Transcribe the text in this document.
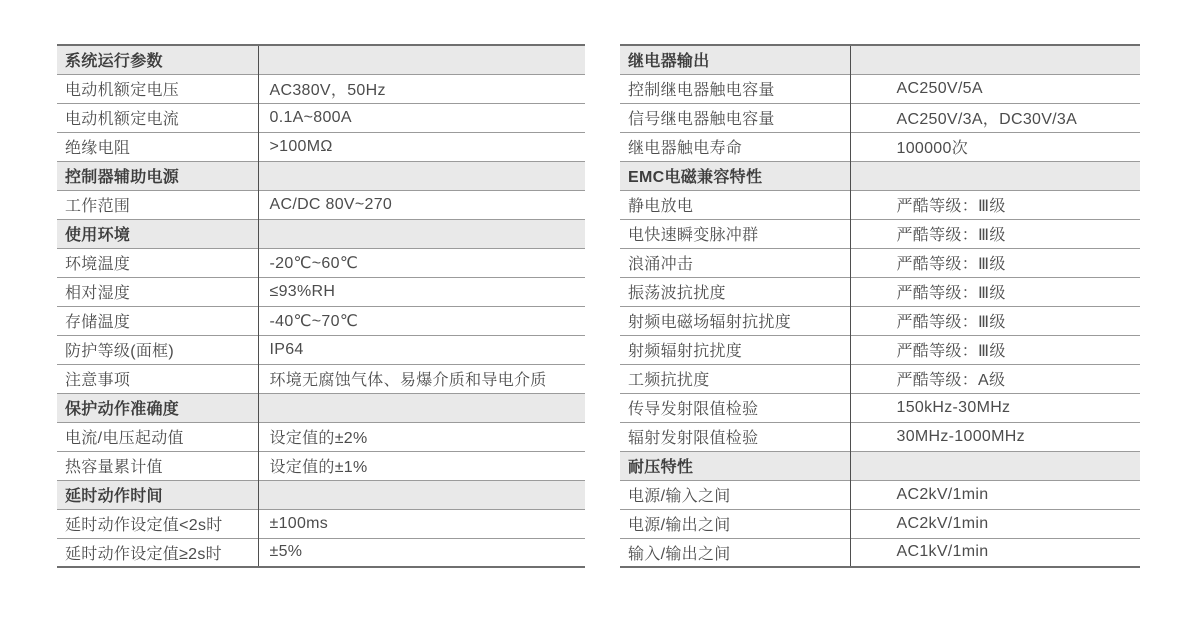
系统运行参数	
电动机额定电压	AC380V，50Hz
电动机额定电流	0.1A~800A
绝缘电阻	>100MΩ
控制器辅助电源	
工作范围	AC/DC 80V~270
使用环境	
环境温度	-20℃~60℃
相对湿度	≤93%RH
存储温度	-40℃~70℃
防护等级(面框)	IP64
注意事项	环境无腐蚀气体、易爆介质和导电介质
保护动作准确度	
电流/电压起动值	设定值的±2%
热容量累计值	设定值的±1%
延时动作时间	
延时动作设定值<2s时	±100ms
延时动作设定值≥2s时	±5%
继电器输出	
控制继电器触电容量	AC250V/5A
信号继电器触电容量	AC250V/3A，DC30V/3A
继电器触电寿命	100000次
EMC电磁兼容特性	
静电放电	严酷等级：Ⅲ级
电快速瞬变脉冲群	严酷等级：Ⅲ级
浪涌冲击	严酷等级：Ⅲ级
振荡波抗扰度	严酷等级：Ⅲ级
射频电磁场辐射抗扰度	严酷等级：Ⅲ级
射频辐射抗扰度	严酷等级：Ⅲ级
工频抗扰度	严酷等级：A级
传导发射限值检验	150kHz-30MHz
辐射发射限值检验	30MHz-1000MHz
耐压特性	
电源/输入之间	AC2kV/1min
电源/输出之间	AC2kV/1min
输入/输出之间	AC1kV/1min
